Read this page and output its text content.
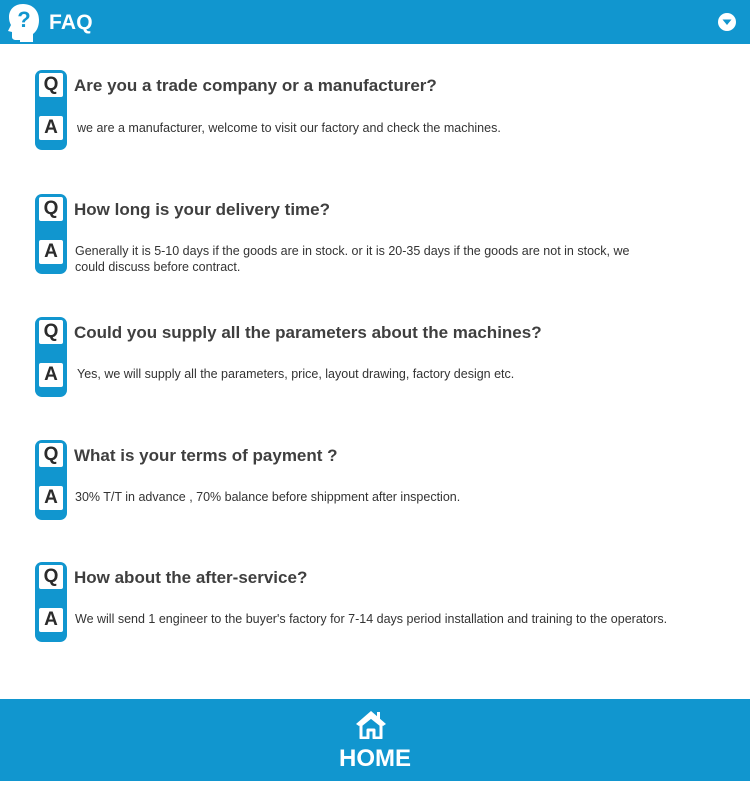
? FAQ
Q
A
Are you a trade company or a manufacturer?
we are a manufacturer, welcome to visit our factory and check the machines.
Q
A
How long is your delivery time?
Generally it is 5-10 days if the goods are in stock. or it is 20-35 days if the goods are not in stock, we could discuss before contract.
Q
A
Could you supply all the parameters about the machines?
Yes, we will supply all the parameters, price, layout drawing, factory design etc.
Q
A
What is your terms of payment ?
30% T/T in advance , 70% balance before shippment after inspection.
Q
A
How about the after-service?
We will send 1 engineer to the buyer's factory for 7-14 days period installation and training to the operators.
HOME
